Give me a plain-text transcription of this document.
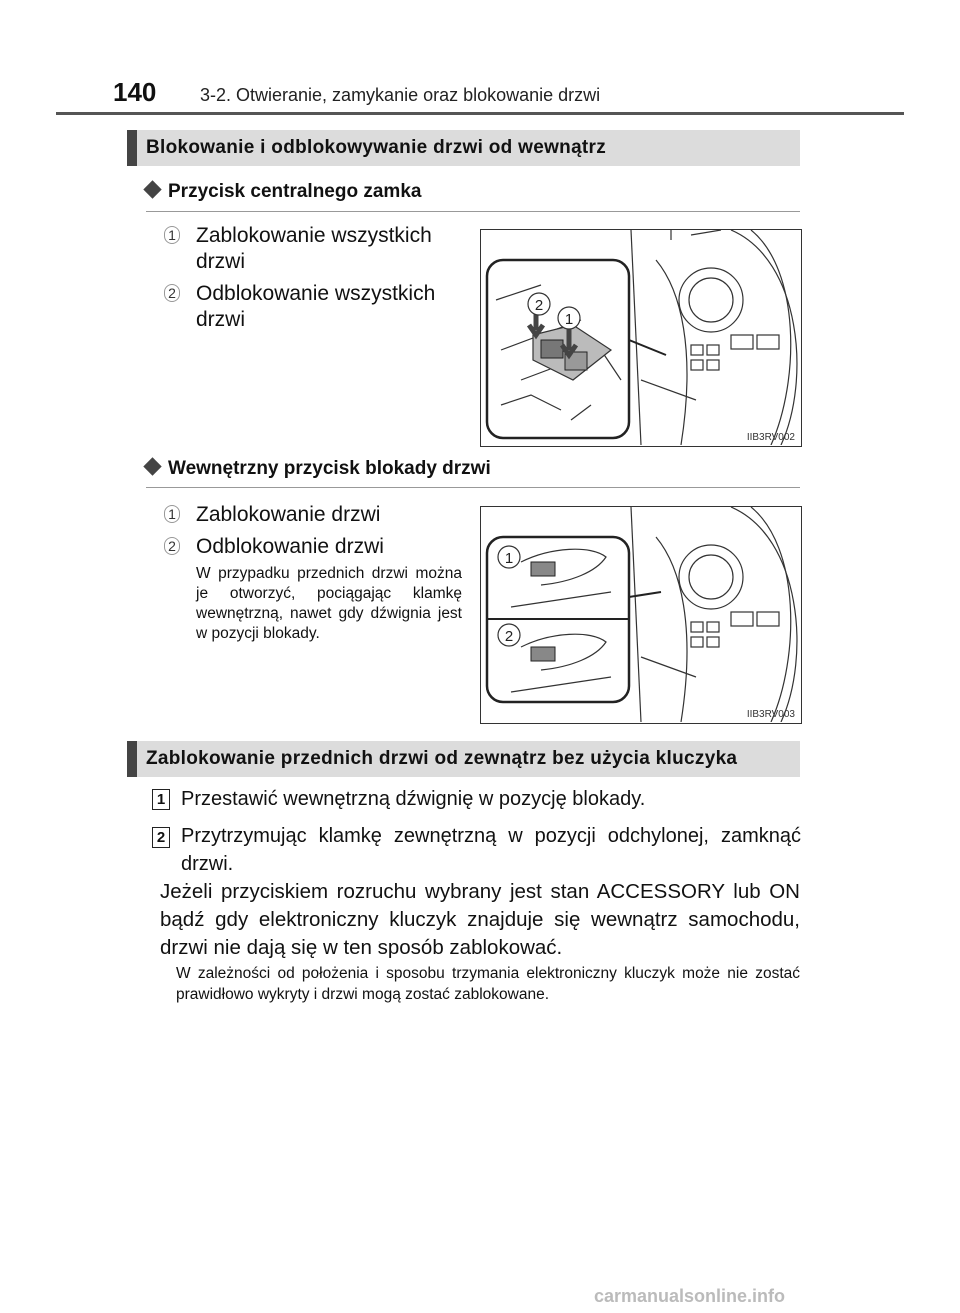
140 3-2. Otwieranie, zamykanie oraz blokowanie drzwi
Blokowanie i odblokowywanie drzwi od wewnątrz
Przycisk centralnego zamka
1 Zablokowanie wszystkich
drzwi
2 Odblokowanie wszystkich
drzwi
2
1
IIB3RV002
Wewnętrzny przycisk blokady drzwi
1 Zablokowanie drzwi
2 Odblokowanie drzwi
W przypadku przednich drzwi można je otworzyć, pociągając klamkę wewnętrzną, nawet gdy dźwignia jest w pozycji blokady.
1
2
IIB3RV003
Zablokowanie przednich drzwi od zewnątrz bez użycia kluczyka
1 Przestawić wewnętrzną dźwignię w pozycję blokady.
2 Przytrzymując klamkę zewnętrzną w pozycji odchylonej, zamknąć
drzwi.
Jeżeli przyciskiem rozruchu wybrany jest stan ACCESSORY lub ON bądź gdy elektroniczny kluczyk znajduje się wewnątrz samochodu, drzwi nie dają się w ten sposób zablokować.
W zależności od położenia i sposobu trzymania elektroniczny kluczyk może nie zostać prawidłowo wykryty i drzwi mogą zostać zablokowane.
carmanualsonline.info
